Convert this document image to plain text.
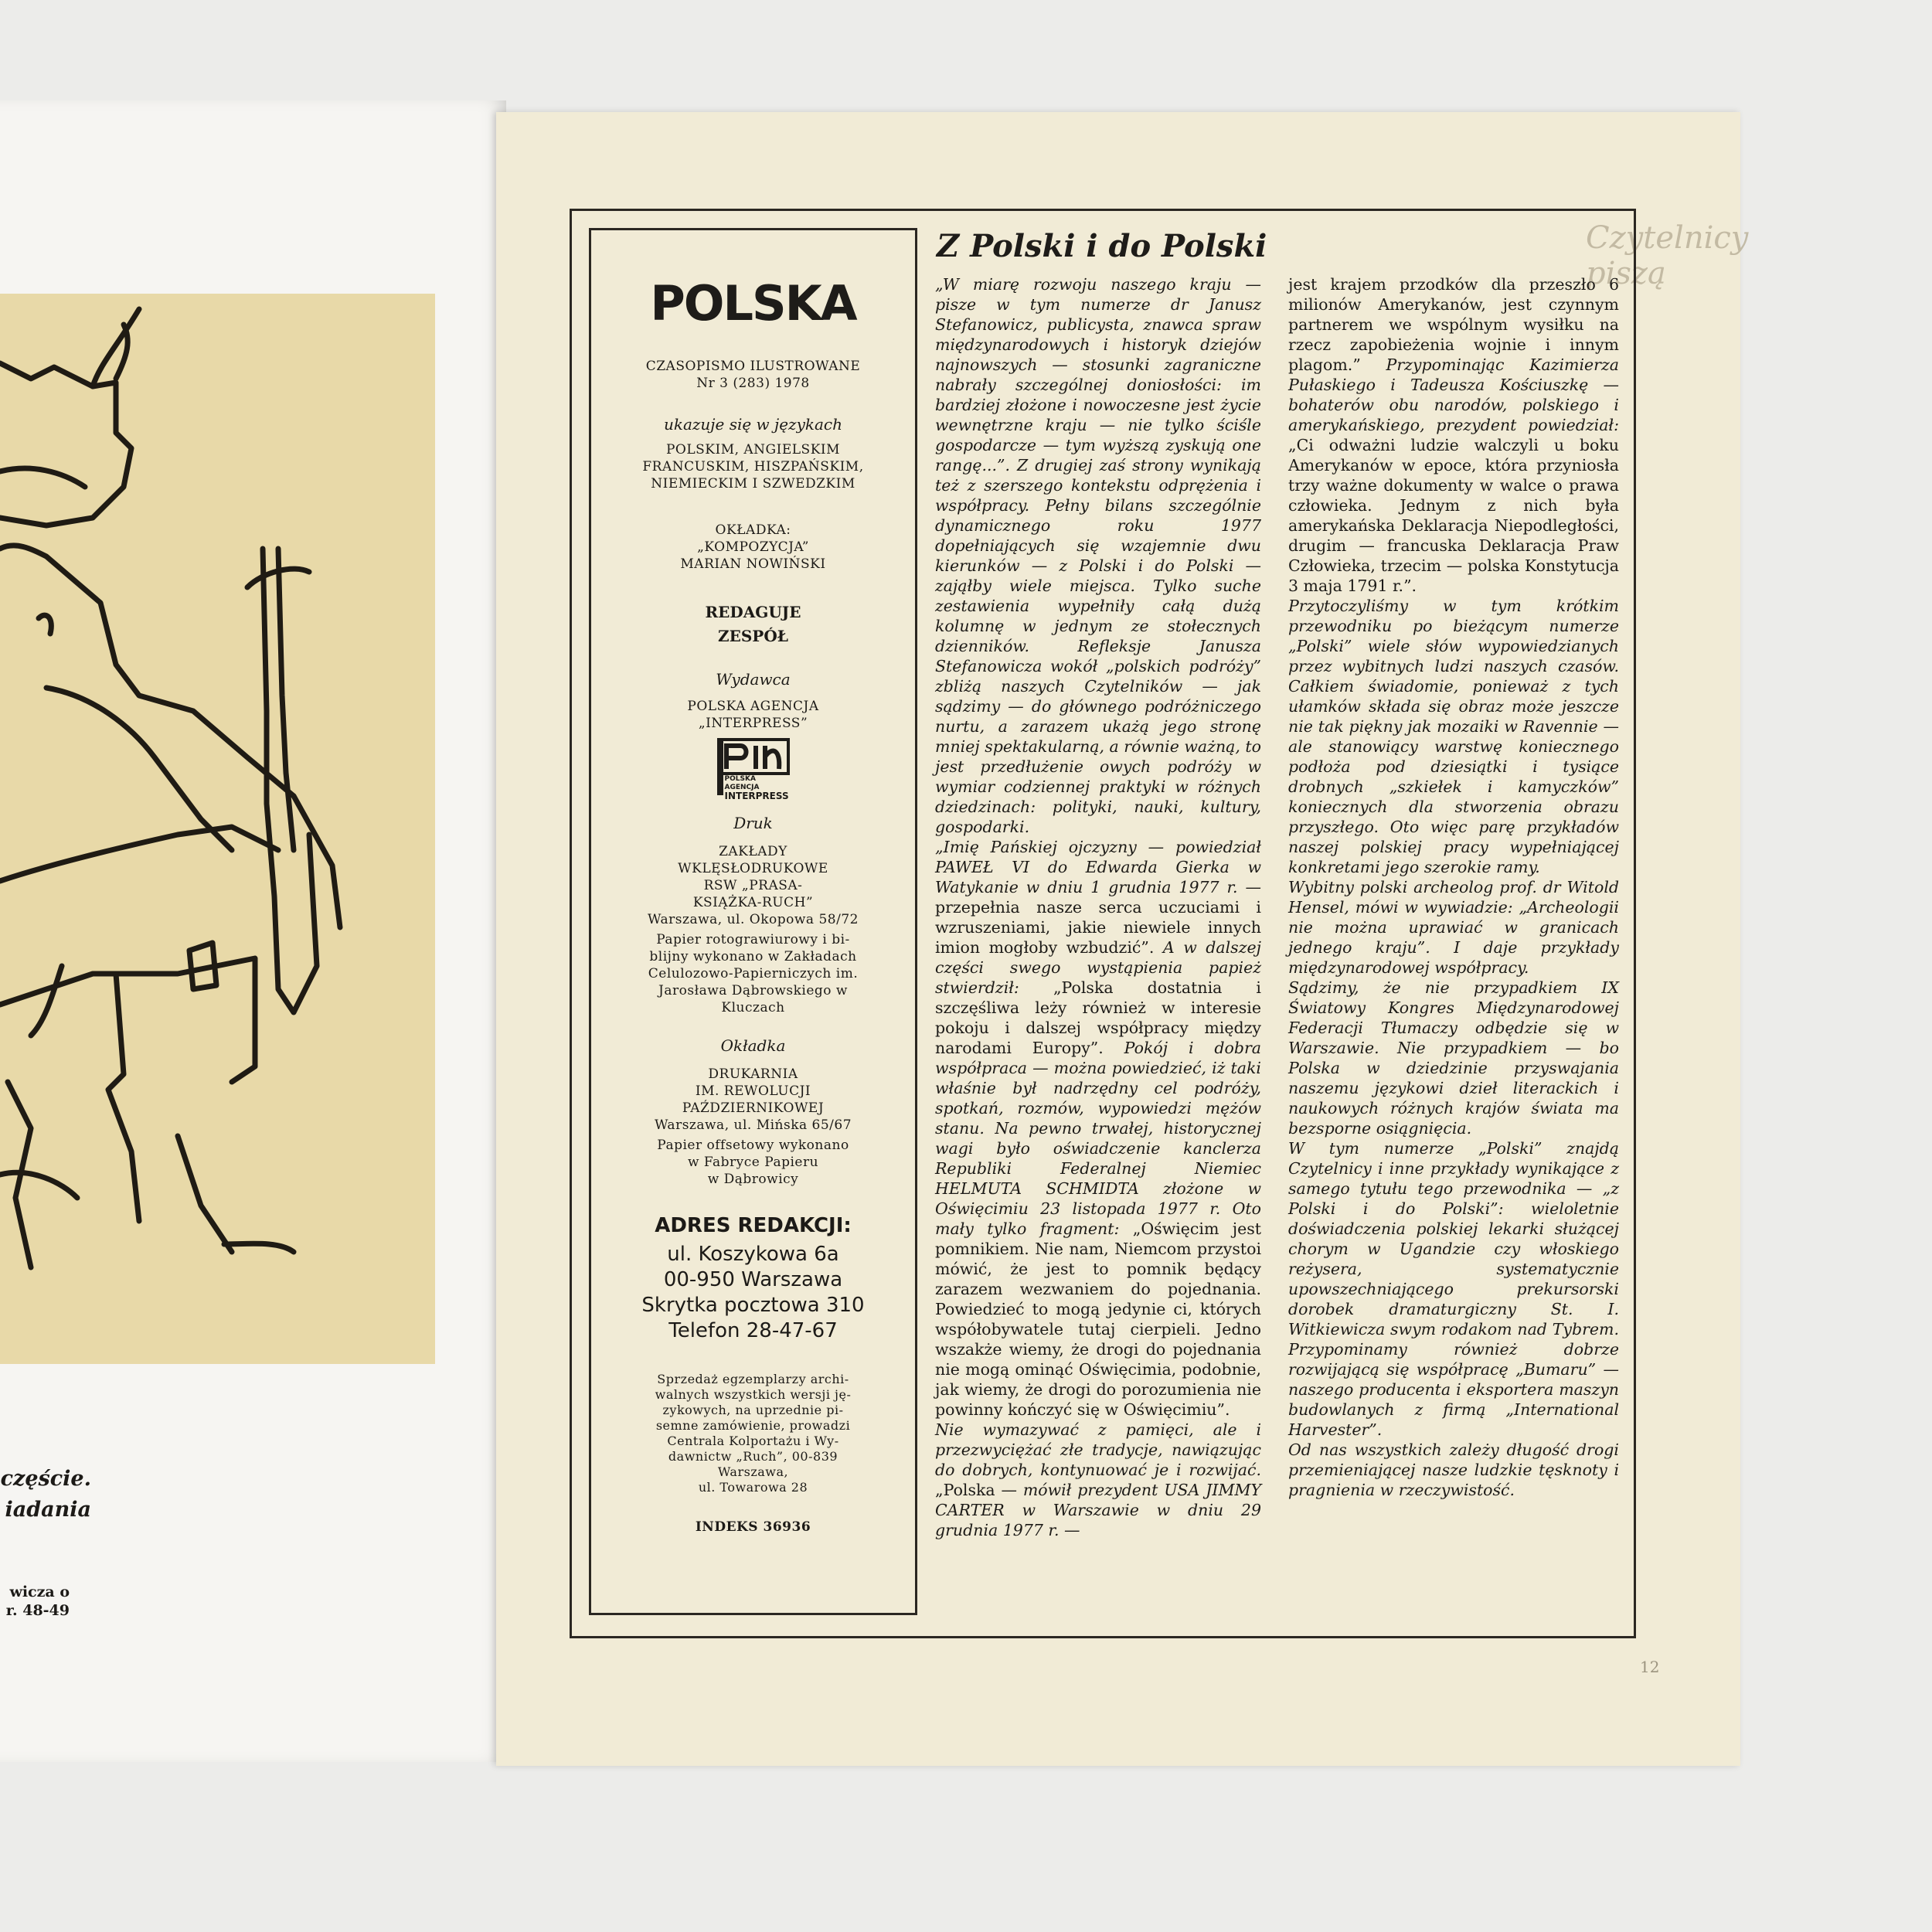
częście.
iadania
wicza o
r. 48-49
Czytelnicy piszą
POLSKA
CZASOPISMO ILUSTROWANE
Nr 3 (283) 1978
ukazuje się w językach
POLSKIM, ANGIELSKIM
FRANCUSKIM, HISZPAŃSKIM,
NIEMIECKIM I SZWEDZKIM
OKŁADKA:
„KOMPOZYCJA”
MARIAN NOWIŃSKI
REDAGUJE
ZESPÓŁ
Wydawca
POLSKA AGENCJA
„INTERPRESS”
POLSKA AGENCJA
INTERPRESS
Druk
ZAKŁADY
WKLĘSŁODRUKOWE
RSW „PRASA-
KSIĄŻKA-RUCH”
Warszawa, ul. Okopowa 58/72
Papier rotograwiurowy i bi-
blijny wykonano w Zakładach
Celulozowo-Papierniczych im.
Jarosława Dąbrowskiego w
Kluczach
Okładka
DRUKARNIA
IM. REWOLUCJI
PAŹDZIERNIKOWEJ
Warszawa, ul. Mińska 65/67
Papier offsetowy wykonano
w Fabryce Papieru
w Dąbrowicy
ADRES REDAKCJI:
ul. Koszykowa 6a
00-950 Warszawa
Skrytka pocztowa 310
Telefon 28-47-67
Sprzedaż egzemplarzy archi-
walnych wszystkich wersji ję-
zykowych, na uprzednie pi-
semne zamówienie, prowadzi
Centrala Kolportażu i Wy-
dawnictw „Ruch”, 00-839
Warszawa,
ul. Towarowa 28
INDEKS 36936
Z Polski i do Polski

„W miarę rozwoju naszego kraju — pisze w tym numerze dr Janusz Stefanowicz, publicysta, znawca spraw międzynarodowych i historyk dziejów najnowszych — stosunki zagraniczne nabrały szczególnej doniosłości: im bardziej złożone i nowoczesne jest życie wewnętrzne kraju — nie tylko ściśle gospodarcze — tym wyższą zyskują one rangę...”. Z drugiej zaś strony wynikają też z szerszego kontekstu odprężenia i współpracy. Pełny bilans szczególnie dynamicznego roku 1977 dopełniających się wzajemnie dwu kierunków — z Polski i do Polski — zająłby wiele miejsca. Tylko suche zestawienia wypełniły całą dużą kolumnę w jednym ze stołecznych dzienników. Refleksje Janusza Stefanowicza wokół „polskich podróży” zbliżą naszych Czytelników — jak sądzimy — do głównego podróżniczego nurtu, a zarazem ukażą jego stronę mniej spektakularną, a równie ważną, to jest przedłużenie owych podróży w wymiar codziennej praktyki w różnych dziedzinach: polityki, nauki, kultury, gospodarki.

„Imię Pańskiej ojczyzny — powiedział PAWEŁ VI do Edwarda Gierka w Watykanie w dniu 1 grudnia 1977 r. — przepełnia nasze serca uczuciami i wzruszeniami, jakie niewiele innych imion mogłoby wzbudzić”. A w dalszej części swego wystąpienia papież stwierdził: „Polska dostatnia i szczęśliwa leży również w interesie pokoju i dalszej współpracy między narodami Europy”. Pokój i dobra współpraca — można powiedzieć, iż taki właśnie był nadrzędny cel podróży, spotkań, rozmów, wypowiedzi mężów stanu. Na pewno trwałej, historycznej wagi było oświadczenie kanclerza Republiki Federalnej Niemiec HELMUTA SCHMIDTA złożone w Oświęcimiu 23 listopada 1977 r. Oto mały tylko fragment: „Oświęcim jest pomnikiem. Nie nam, Niemcom przystoi mówić, że jest to pomnik będący zarazem wezwaniem do pojednania. Powiedzieć to mogą jedynie ci, których współobywatele tutaj cierpieli. Jedno wszakże wiemy, że drogi do pojednania nie mogą ominąć Oświęcimia, podobnie, jak wiemy, że drogi do porozumienia nie powinny kończyć się w Oświęcimiu”.

Nie wymazywać z pamięci, ale i przezwyciężać złe tradycje, nawiązując do dobrych, kontynuować je i rozwijać. „Polska — mówił prezydent USA JIMMY CARTER w Warszawie w dniu 29 grudnia 1977 r. —

jest krajem przodków dla przeszło 6 milionów Amerykanów, jest czynnym partnerem we wspólnym wysiłku na rzecz zapobieżenia wojnie i innym plagom.” Przypominając Kazimierza Pułaskiego i Tadeusza Kościuszkę — bohaterów obu narodów, polskiego i amerykańskiego, prezydent powiedział: „Ci odważni ludzie walczyli u boku Amerykanów w epoce, która przyniosła trzy ważne dokumenty w walce o prawa człowieka. Jednym z nich była amerykańska Deklaracja Niepodległości, drugim — francuska Deklaracja Praw Człowieka, trzecim — polska Konstytucja 3 maja 1791 r.”.

Przytoczyliśmy w tym krótkim przewodniku po bieżącym numerze „Polski” wiele słów wypowiedzianych przez wybitnych ludzi naszych czasów. Całkiem świadomie, ponieważ z tych ułamków składa się obraz może jeszcze nie tak piękny jak mozaiki w Ravennie — ale stanowiący warstwę koniecznego podłoża pod dziesiątki i tysiące drobnych „szkiełek i kamyczków” koniecznych dla stworzenia obrazu przyszłego. Oto więc parę przykładów naszej polskiej pracy wypełniającej konkretami jego szerokie ramy.

Wybitny polski archeolog prof. dr Witold Hensel, mówi w wywiadzie: „Archeologii nie można uprawiać w granicach jednego kraju”. I daje przykłady międzynarodowej współpracy.

Sądzimy, że nie przypadkiem IX Światowy Kongres Międzynarodowej Federacji Tłumaczy odbędzie się w Warszawie. Nie przypadkiem — bo Polska w dziedzinie przyswajania naszemu językowi dzieł literackich i naukowych różnych krajów świata ma bezsporne osiągnięcia.

W tym numerze „Polski” znajdą Czytelnicy i inne przykłady wynikające z samego tytułu tego przewodnika — „z Polski i do Polski”: wieloletnie doświadczenia polskiej lekarki służącej chorym w Ugandzie czy włoskiego reżysera, systematycznie upowszechniającego prekursorski dorobek dramaturgiczny St. I. Witkiewicza swym rodakom nad Tybrem. Przypominamy również dobrze rozwijającą się współpracę „Bumaru” — naszego producenta i eksportera maszyn budowlanych z firmą „International Harvester”.

Od nas wszystkich zależy długość drogi przemieniającej nasze ludzkie tęsknoty i pragnienia w rzeczywistość.

12
